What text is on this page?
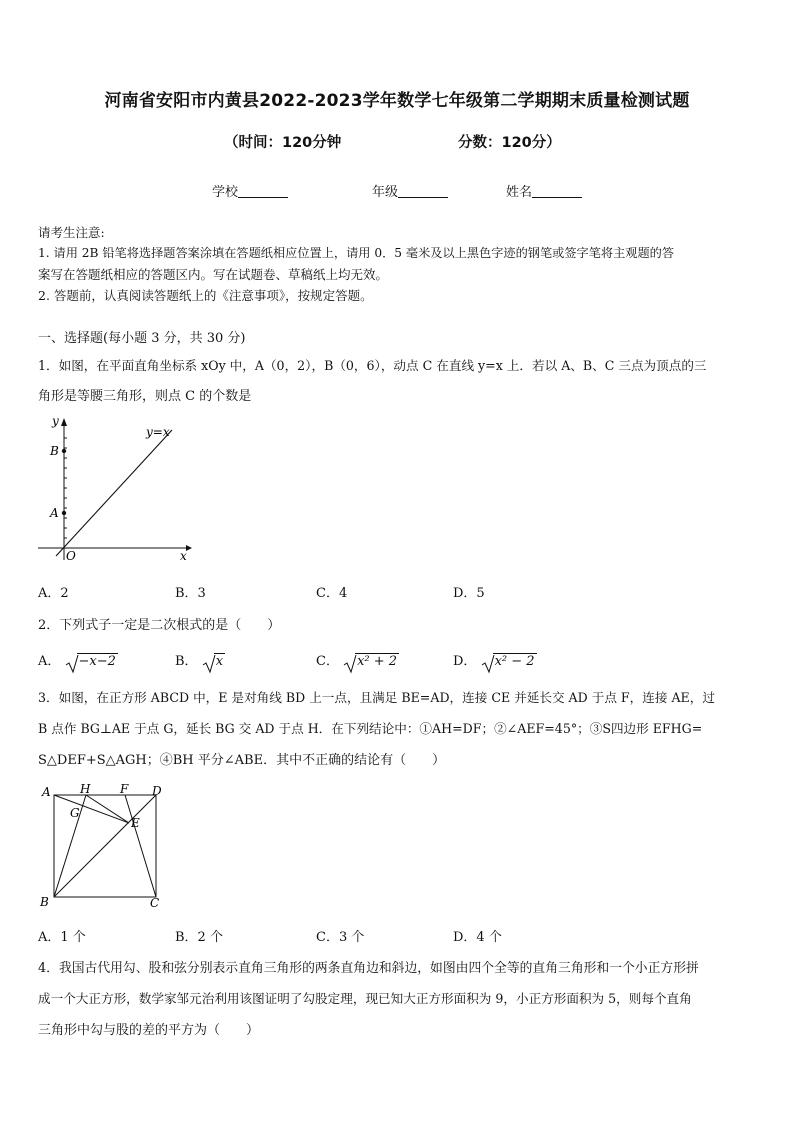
河南省安阳市内黄县2022-2023学年数学七年级第二学期期末质量检测试题
（时间：120分钟	分数：120分）
学校	年级	姓名
请考生注意:
1. 请用 2B 铅笔将选择题答案涂填在答题纸相应位置上，请用 0．5 毫米及以上黑色字迹的钢笔或签字笔将主观题的答
案写在答题纸相应的答题区内。写在试题卷、草稿纸上均无效。
2. 答题前，认真阅读答题纸上的《注意事项》，按规定答题。
一、选择题(每小题 3 分，共 30 分)
1．如图，在平面直角坐标系 xOy 中，A（0，2），B（0，6），动点 C 在直线 y=x 上．若以 A、B、C 三点为顶点的三
角形是等腰三角形，则点 C 的个数是
y
x
O
A
B
y=x
A．2	B．3	C．4	D．5
2．下列式子一定是二次根式的是（　　）
A． −x−2	B． x	C． x² + 2	D． x² − 2
3．如图，在正方形 ABCD 中，E 是对角线 BD 上一点，且满足 BE=AD，连接 CE 并延长交 AD 于点 F，连接 AE，过
B 点作 BG⊥AE 于点 G，延长 BG 交 AD 于点 H．在下列结论中：①AH=DF；②∠AEF=45°；③S四边形 EFHG=
S△DEF+S△AGH；④BH 平分∠ABE．其中不正确的结论有（　　）
A H F D
G
E
B	C
A．1 个	B．2 个	C．3 个	D．4 个
4．我国古代用勾、股和弦分别表示直角三角形的两条直角边和斜边，如图由四个全等的直角三角形和一个小正方形拼
成一个大正方形，数学家邹元治利用该图证明了勾股定理，现已知大正方形面积为 9，小正方形面积为 5，则每个直角
三角形中勾与股的差的平方为（　　）
